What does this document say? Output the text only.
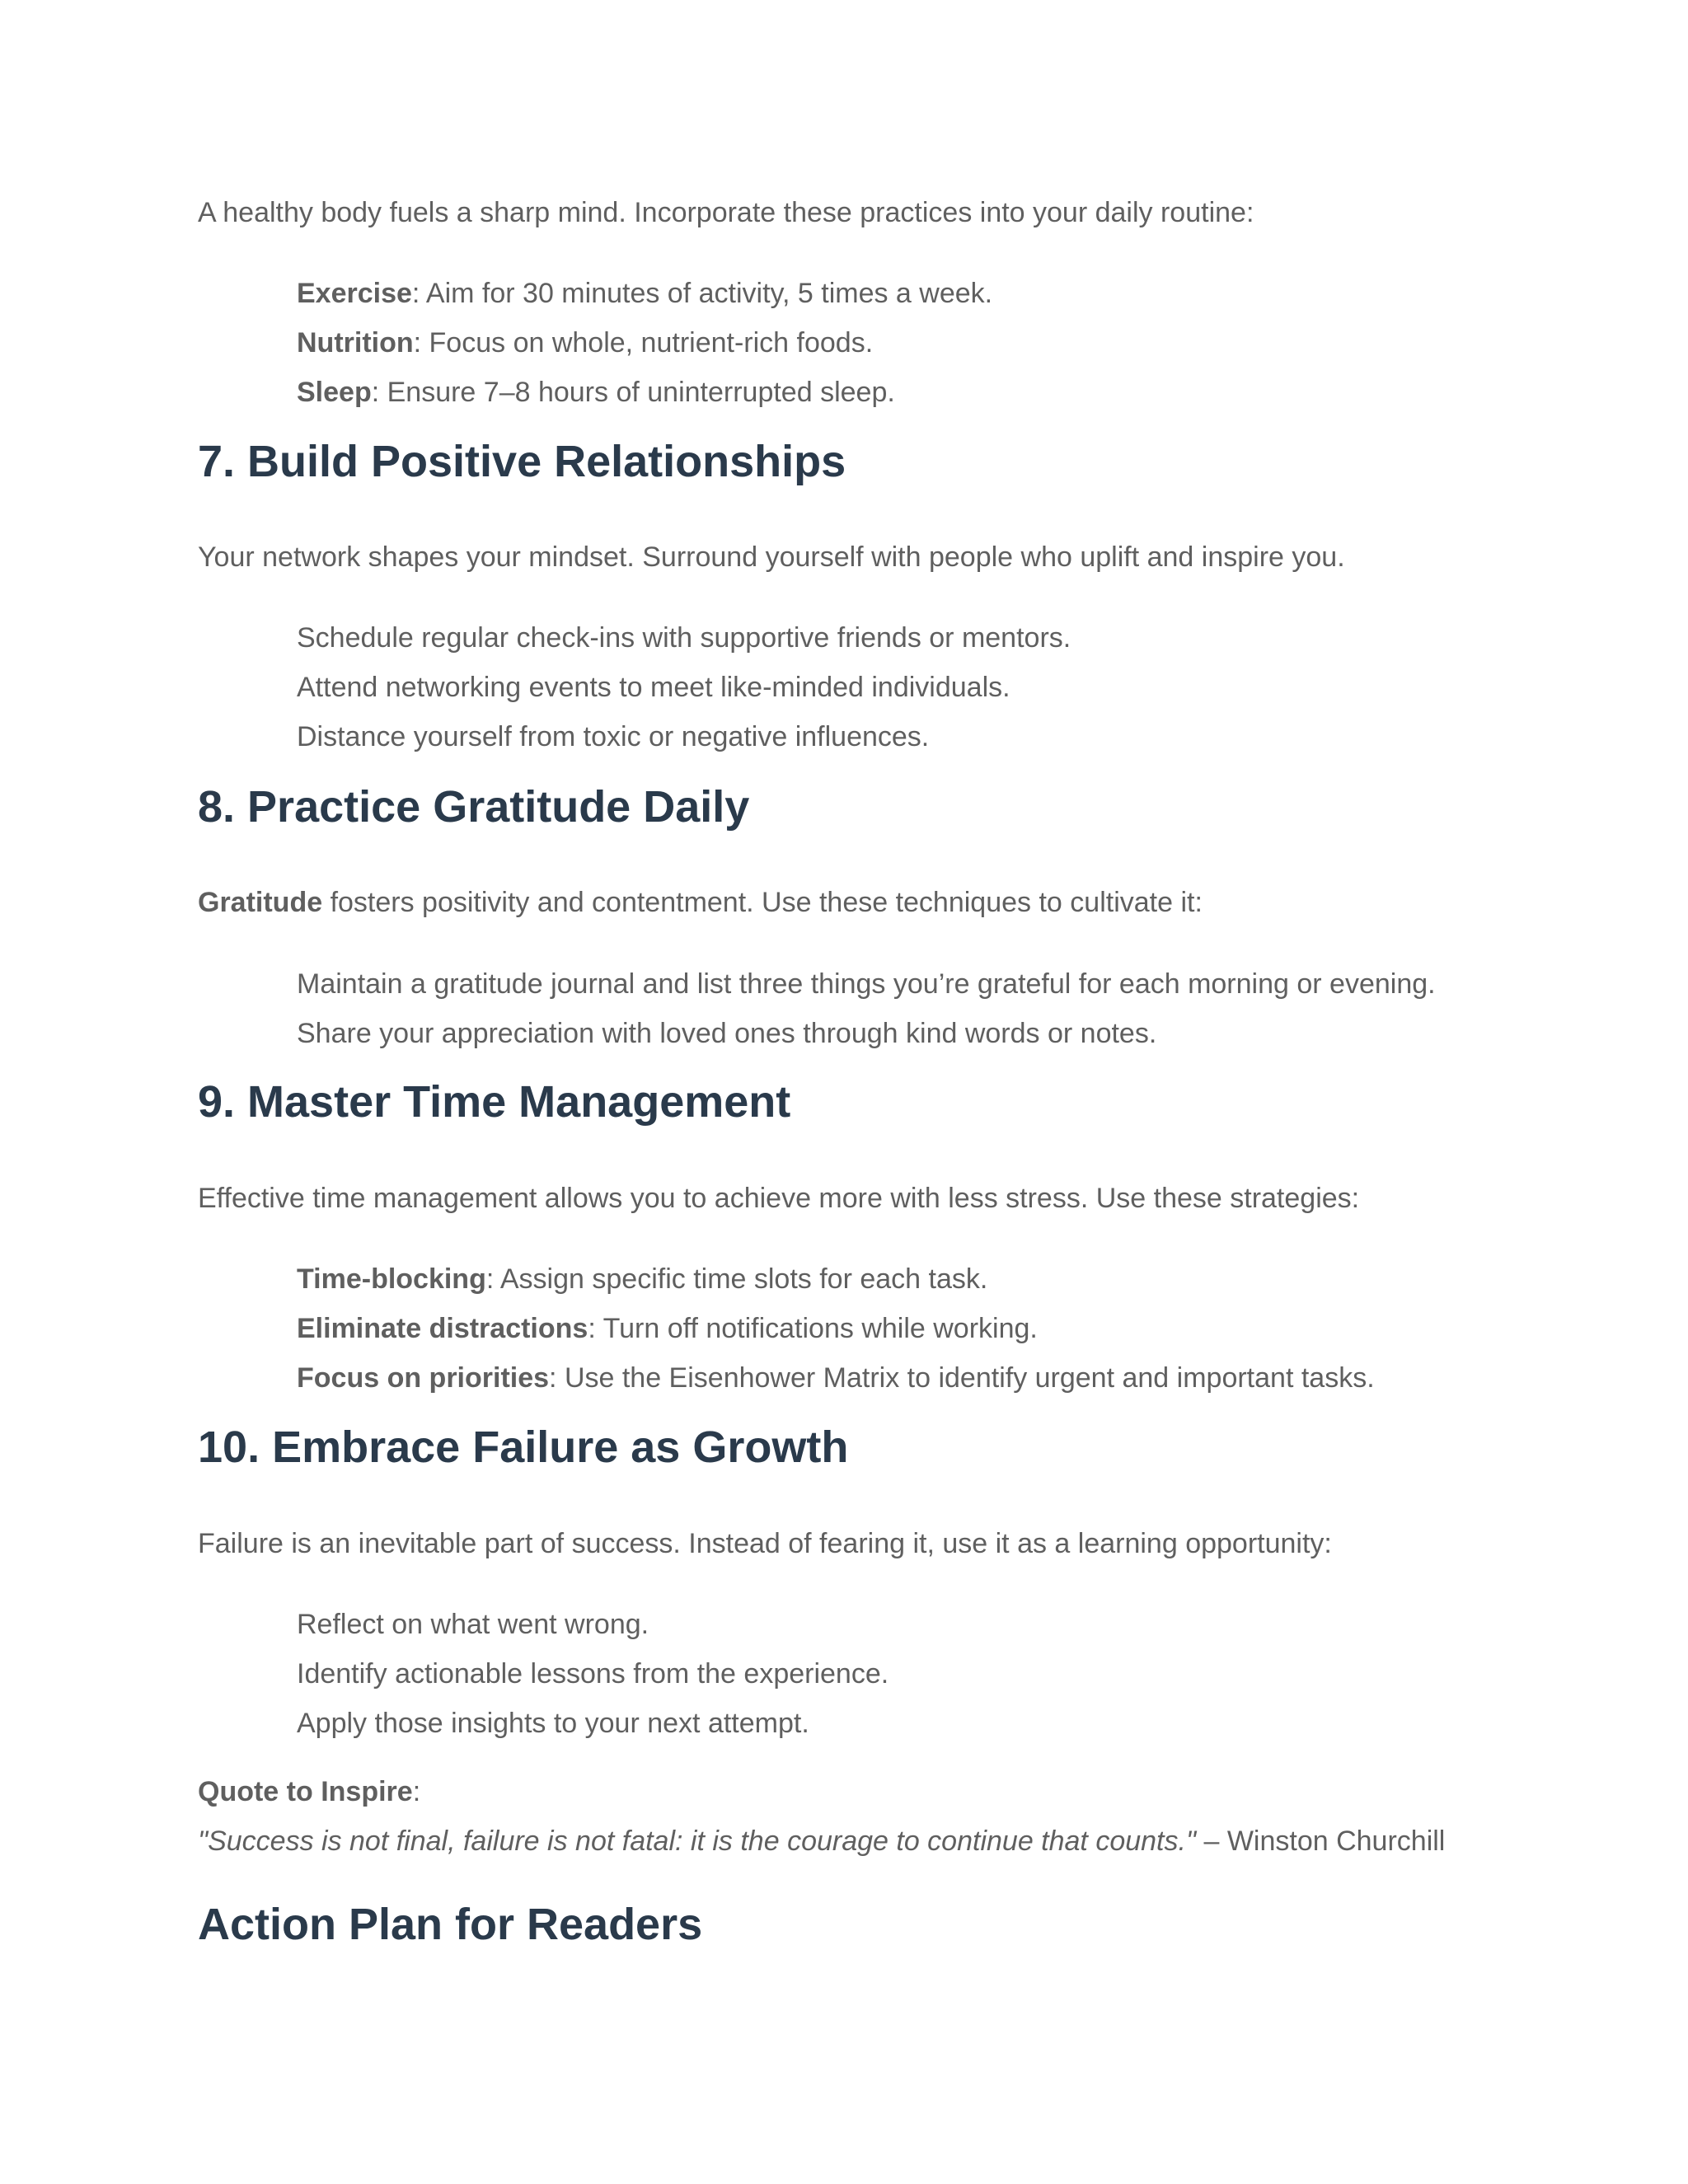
A healthy body fuels a sharp mind. Incorporate these practices into your daily routine:

Exercise: Aim for 30 minutes of activity, 5 times a week.
Nutrition: Focus on whole, nutrient-rich foods.
Sleep: Ensure 7–8 hours of uninterrupted sleep.
7. Build Positive Relationships

Your network shapes your mindset. Surround yourself with people who uplift and inspire you.

Schedule regular check-ins with supportive friends or mentors.
Attend networking events to meet like-minded individuals.
Distance yourself from toxic or negative influences.
8. Practice Gratitude Daily

Gratitude fosters positivity and contentment. Use these techniques to cultivate it:

Maintain a gratitude journal and list three things you’re grateful for each morning or evening.
Share your appreciation with loved ones through kind words or notes.
9. Master Time Management

Effective time management allows you to achieve more with less stress. Use these strategies:

Time-blocking: Assign specific time slots for each task.
Eliminate distractions: Turn off notifications while working.
Focus on priorities: Use the Eisenhower Matrix to identify urgent and important tasks.
10. Embrace Failure as Growth

Failure is an inevitable part of success. Instead of fearing it, use it as a learning opportunity:

Reflect on what went wrong.
Identify actionable lessons from the experience.
Apply those insights to your next attempt.

Quote to Inspire:

"Success is not final, failure is not fatal: it is the courage to continue that counts." – Winston Churchill

Action Plan for Readers
